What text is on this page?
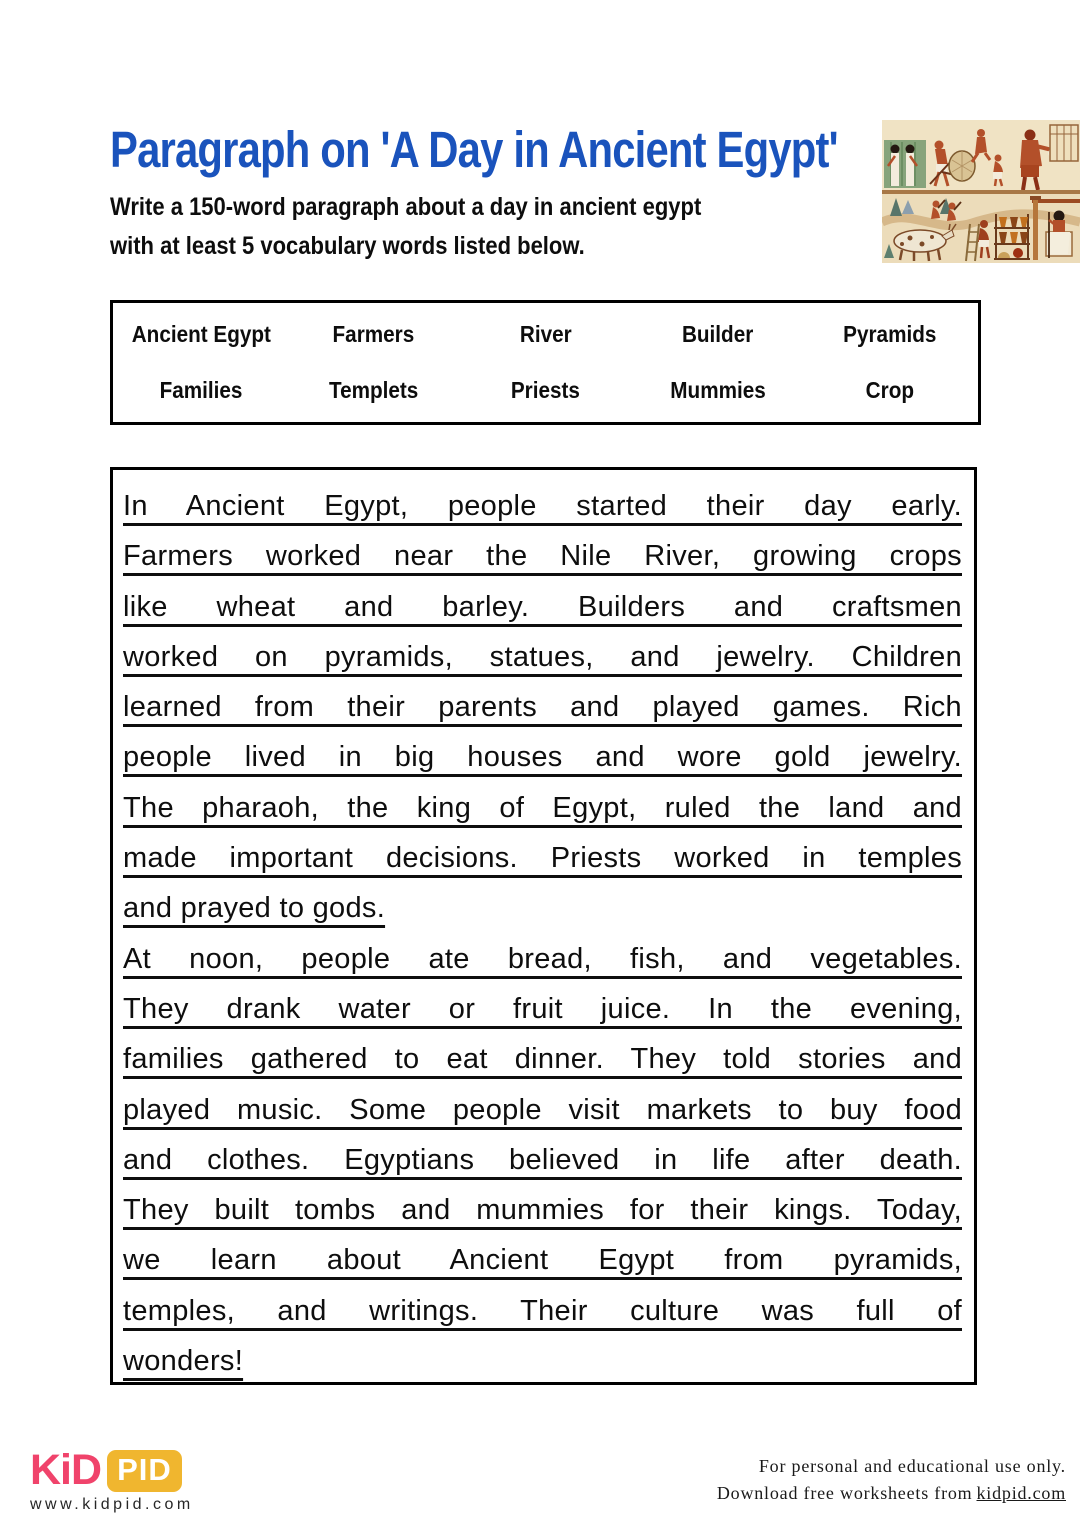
Paragraph on 'A Day in Ancient Egypt'
Write a 150-word paragraph about a day in ancient egypt
with at least 5 vocabulary words listed below.
Ancient Egypt	Farmers	River	Builder	Pyramids
Families	Templets	Priests	Mummies	Crop
In Ancient Egypt, people started their day early.
Farmers worked near the Nile River, growing crops
like wheat and barley. Builders and craftsmen
worked on pyramids, statues, and jewelry. Children
learned from their parents and played games. Rich
people lived in big houses and wore gold jewelry.
The pharaoh, the king of Egypt, ruled the land and
made important decisions. Priests worked in temples
and prayed to gods.
At noon, people ate bread, fish, and vegetables.
They drank water or fruit juice. In the evening,
families gathered to eat dinner. They told stories and
played music. Some people visit markets to buy food
and clothes. Egyptians believed in life after death.
They built tombs and mummies for their kings. Today,
we learn about Ancient Egypt from pyramids,
temples, and writings. Their culture was full of
wonders!
KiD PID
www.kidpid.com
For personal and educational use only.
Download free worksheets from kidpid.com
